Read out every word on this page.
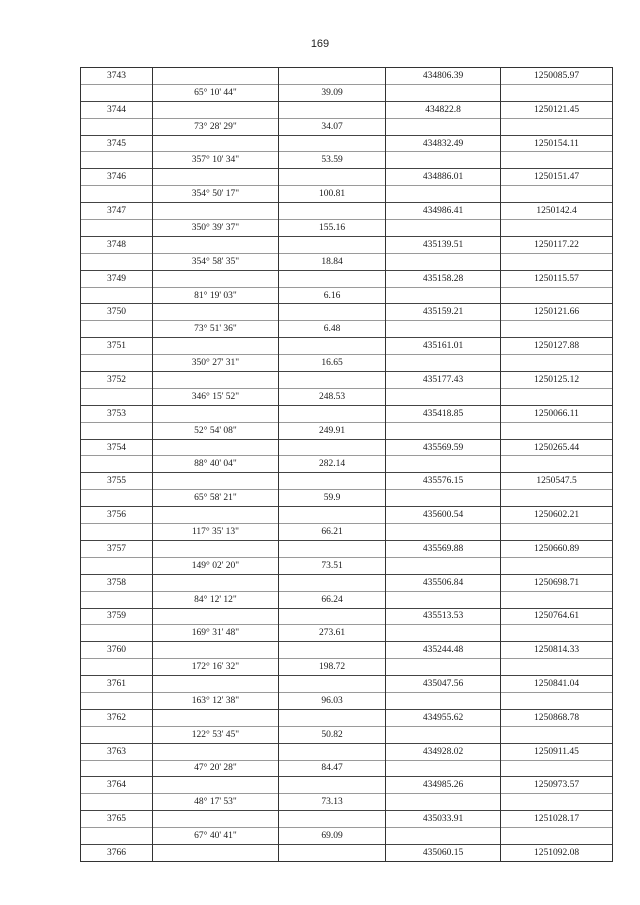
169
3743			434806.39	1250085.97
	65° 10' 44"	39.09		
3744			434822.8	1250121.45
	73° 28' 29"	34.07		
3745			434832.49	1250154.11
	357° 10' 34"	53.59		
3746			434886.01	1250151.47
	354° 50' 17"	100.81		
3747			434986.41	1250142.4
	350° 39' 37"	155.16		
3748			435139.51	1250117.22
	354° 58' 35"	18.84		
3749			435158.28	1250115.57
	81° 19' 03"	6.16		
3750			435159.21	1250121.66
	73° 51' 36"	6.48		
3751			435161.01	1250127.88
	350° 27' 31"	16.65		
3752			435177.43	1250125.12
	346° 15' 52"	248.53		
3753			435418.85	1250066.11
	52° 54' 08"	249.91		
3754			435569.59	1250265.44
	88° 40' 04"	282.14		
3755			435576.15	1250547.5
	65° 58' 21"	59.9		
3756			435600.54	1250602.21
	117° 35' 13"	66.21		
3757			435569.88	1250660.89
	149° 02' 20"	73.51		
3758			435506.84	1250698.71
	84° 12' 12"	66.24		
3759			435513.53	1250764.61
	169° 31' 48"	273.61		
3760			435244.48	1250814.33
	172° 16' 32"	198.72		
3761			435047.56	1250841.04
	163° 12' 38"	96.03		
3762			434955.62	1250868.78
	122° 53' 45"	50.82		
3763			434928.02	1250911.45
	47° 20' 28"	84.47		
3764			434985.26	1250973.57
	48° 17' 53"	73.13		
3765			435033.91	1251028.17
	67° 40' 41"	69.09		
3766			435060.15	1251092.08
